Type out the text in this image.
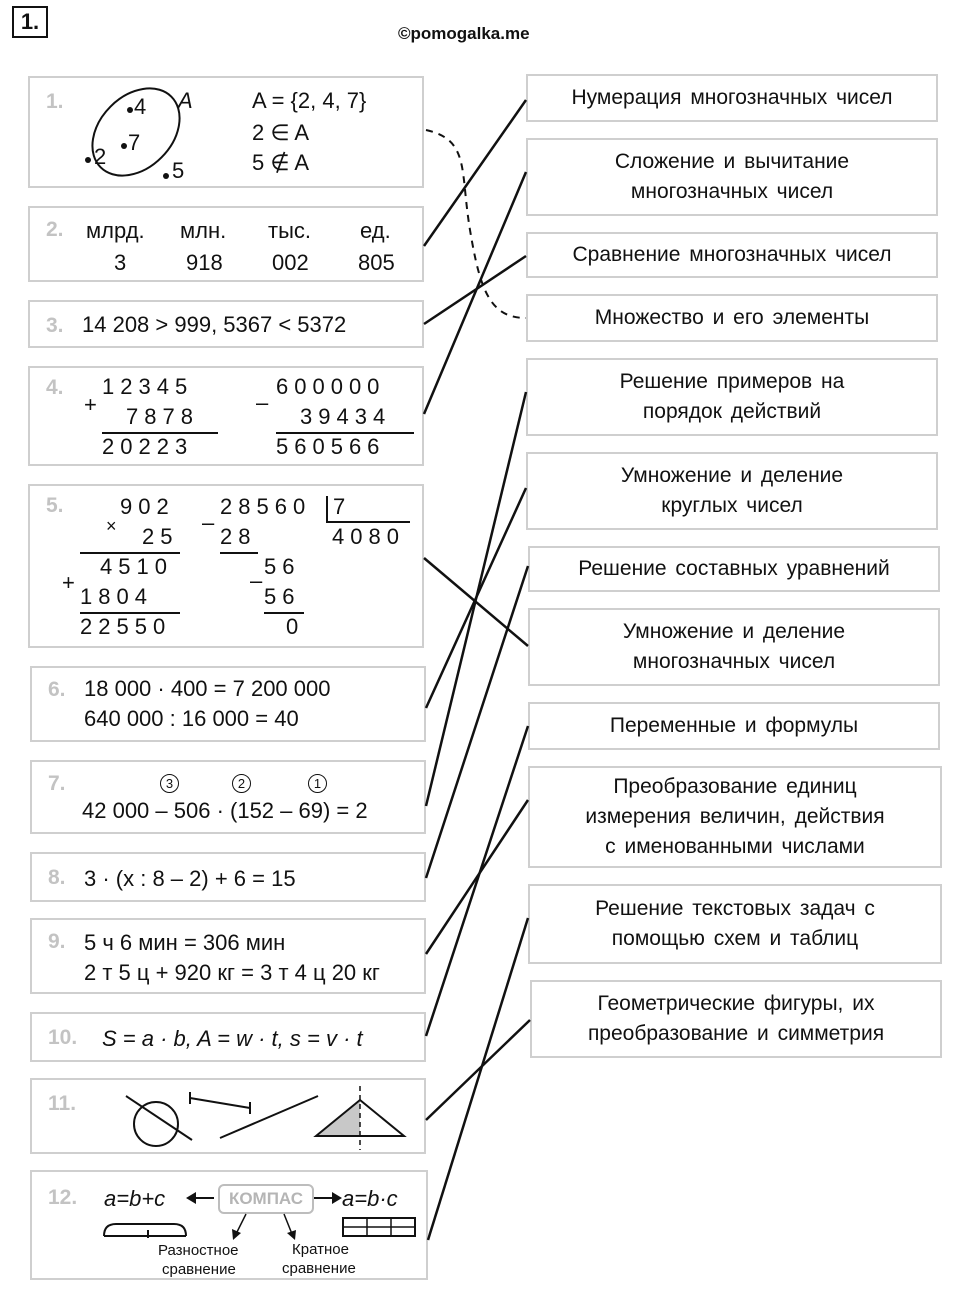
1.	©pomogalka.me
1.	4
7
2
5
A	A = {2, 4, 7}
2 ∈ A
5 ∉ A
2. млрд. млн. тыс. ед.
3	918 002 805
3. 14 208 > 999, 5367 < 5372
4.
+
12345
7878
20223
–
600000
39434
560566
5.	902
× 25
+
4510
1804
22550
–
28560 7
4080
28
–
56
56
0
6. 18 000 · 400 = 7 200 000
640 000 : 16 000 = 40
7.	3	2	1
42 000 – 506 · (152 – 69) = 2
8. 3 · (x : 8 – 2) + 6 = 15
9. 5 ч 6 мин = 306 мин
2 т 5 ц + 920 кг = 3 т 4 ц 20 кг
10. S = a · b, A = w · t, s = v · t
11.
12. a=b+c	КОМПАС	a=b·c
Разностное
сравнение
Кратное
сравнение
Нумерация многозначных чисел
Сложение и вычитание
многозначных чисел
Сравнение многозначных чисел
Множество и его элементы
Решение примеров на
порядок действий
Умножение и деление
круглых чисел
Решение составных уравнений
Умножение и деление
многозначных чисел
Переменные и формулы
Преобразование единиц
измерения величин, действия
с именованными числами
Решение текстовых задач с
помощью схем и таблиц
Геометрические фигуры, их
преобразование и симметрия
